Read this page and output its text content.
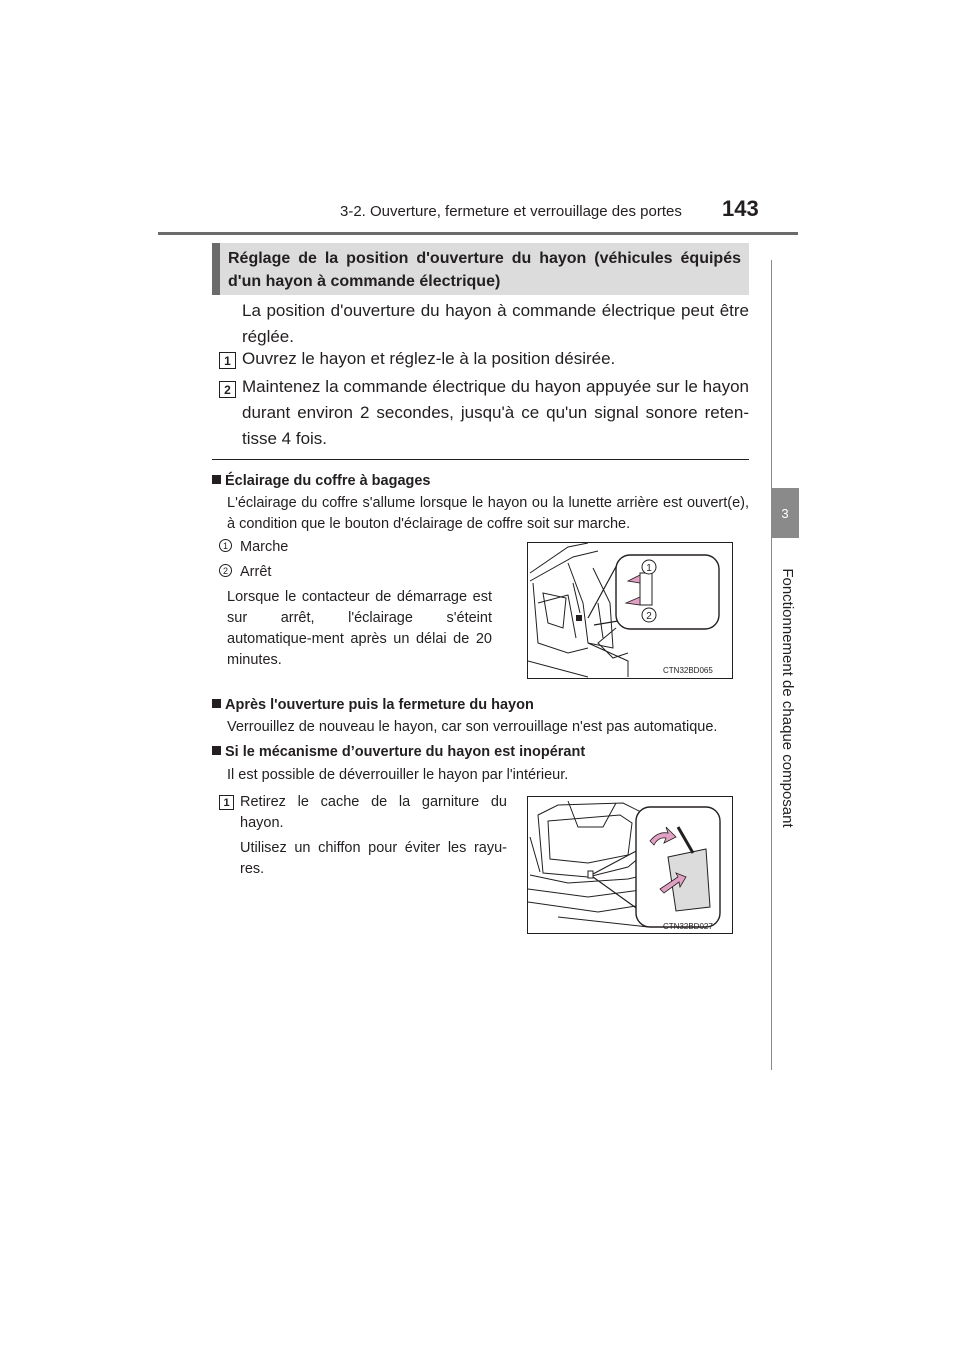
3-2. Ouverture, fermeture et verrouillage des portes 143
3
Fonctionnement de chaque composant
Réglage de la position d'ouverture du hayon (véhicules équipés d'un hayon à commande électrique)
La position d'ouverture du hayon à commande électrique peut être réglée.
1 Ouvrez le hayon et réglez-le à la position désirée.
2 Maintenez la commande électrique du hayon appuyée sur le hayon durant environ 2 secondes, jusqu'à ce qu'un signal sonore reten-tisse 4 fois.
Éclairage du coffre à bagages
L'éclairage du coffre s'allume lorsque le hayon ou la lunette arrière est ouvert(e), à condition que le bouton d'éclairage de coffre soit sur marche.
1 Marche
2 Arrêt
Lorsque le contacteur de démarrage est sur arrêt, l'éclairage s'éteint automatique-ment après un délai de 20 minutes.
1
2
CTN32BD065
Après l'ouverture puis la fermeture du hayon
Verrouillez de nouveau le hayon, car son verrouillage n'est pas automatique.
Si le mécanisme d’ouverture du hayon est inopérant
Il est possible de déverrouiller le hayon par l'intérieur.
1 Retirez le cache de la garniture du hayon.
Utilisez un chiffon pour éviter les rayu-res.
CTN32BD027
